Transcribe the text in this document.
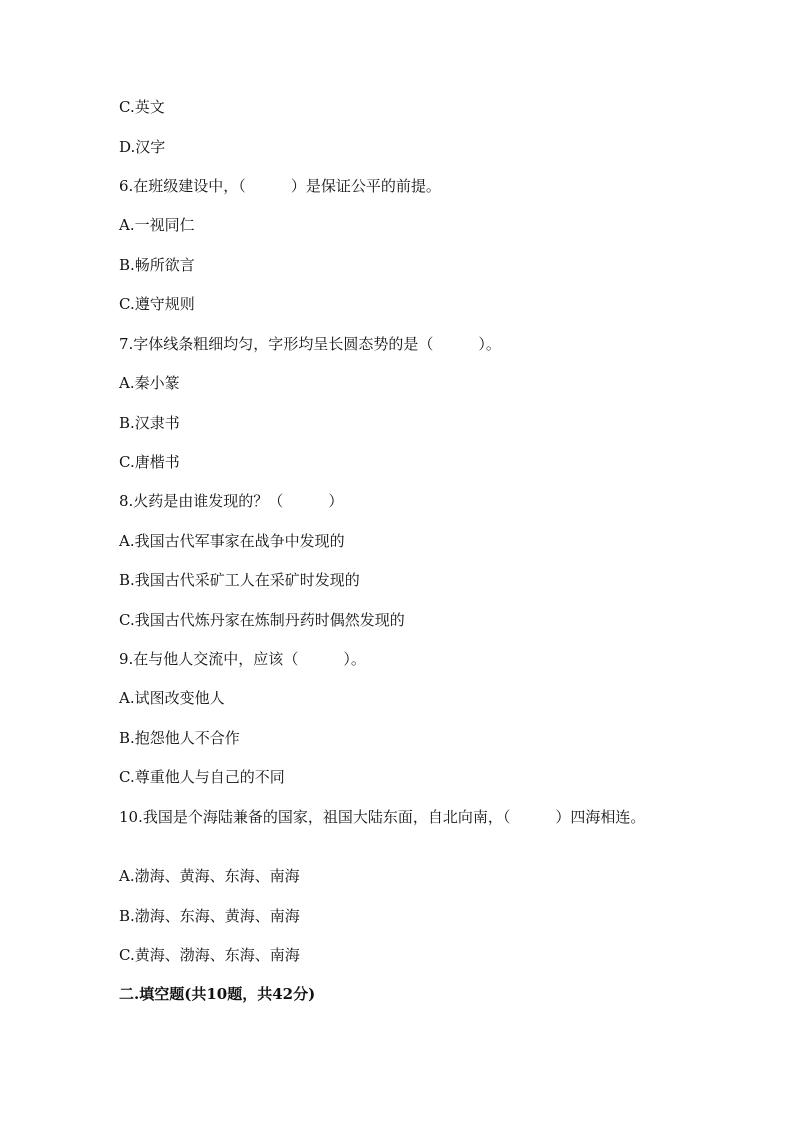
C.英文
D.汉字
6.在班级建设中，（　　　）是保证公平的前提。
A.一视同仁
B.畅所欲言
C.遵守规则
7.字体线条粗细均匀，字形均呈长圆态势的是（　　　）。
A.秦小篆
B.汉隶书
C.唐楷书
8.火药是由谁发现的？（　　　）
A.我国古代军事家在战争中发现的
B.我国古代采矿工人在采矿时发现的
C.我国古代炼丹家在炼制丹药时偶然发现的
9.在与他人交流中，应该（　　　）。
A.试图改变他人
B.抱怨他人不合作
C.尊重他人与自己的不同
10.我国是个海陆兼备的国家，祖国大陆东面，自北向南，（　　　）四海相连。
A.渤海、黄海、东海、南海
B.渤海、东海、黄海、南海
C.黄海、渤海、东海、南海
二.填空题(共10题，共42分)
